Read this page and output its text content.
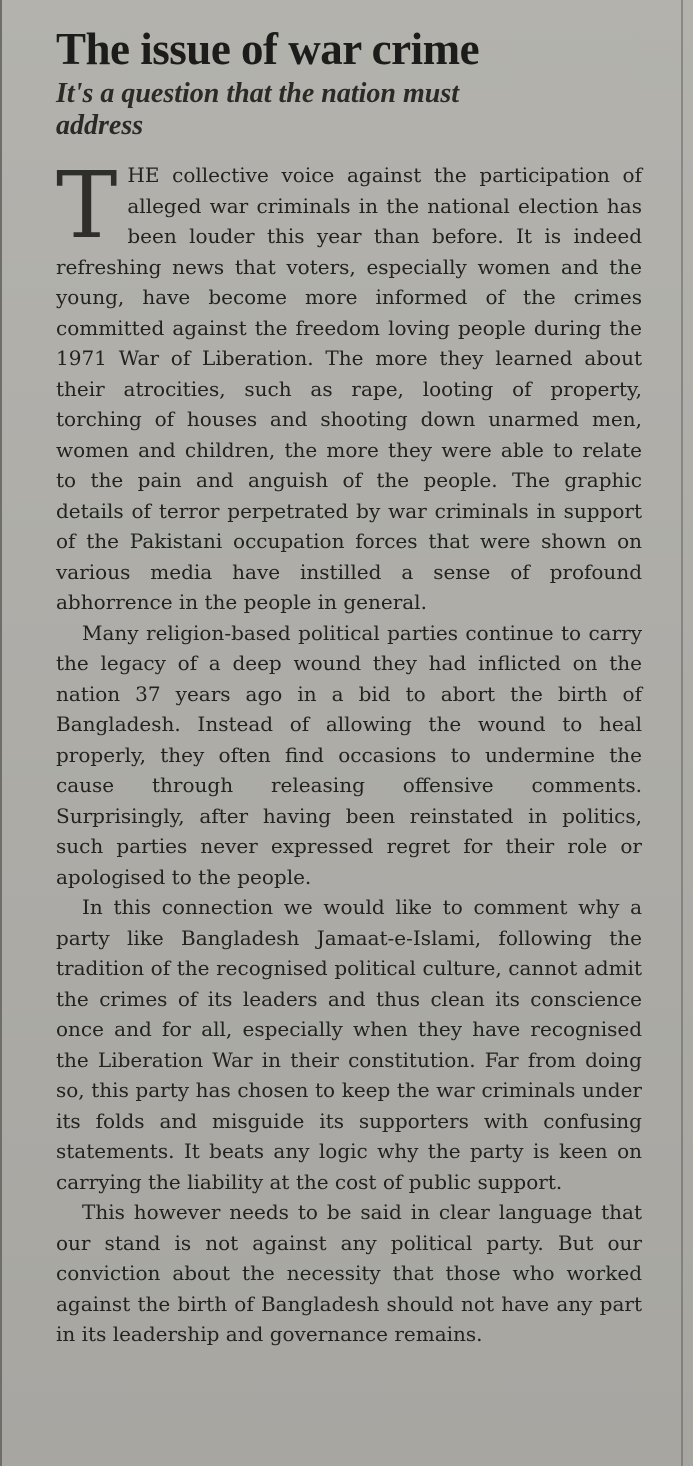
The issue of war crime
It's a question that the nation must address

T HE collective voice against the participation of alleged war criminals in the national election has been louder this year than before. It is indeed refreshing news that voters, especially women and the young, have become more informed of the crimes committed against the freedom loving people during the 1971 War of Liberation. The more they learned about their atrocities, such as rape, looting of property, torching of houses and shooting down unarmed men, women and children, the more they were able to relate to the pain and anguish of the people. The graphic details of terror perpetrated by war criminals in support of the Pakistani occupation forces that were shown on various media have instilled a sense of profound abhorrence in the people in general.

Many religion-based political parties continue to carry the legacy of a deep wound they had inflicted on the nation 37 years ago in a bid to abort the birth of Bangladesh. Instead of allowing the wound to heal properly, they often find occasions to undermine the cause through releasing offensive comments. Surprisingly, after having been reinstated in politics, such parties never expressed regret for their role or apologised to the people.

In this connection we would like to comment why a party like Bangladesh Jamaat-e-Islami, following the tradition of the recognised political culture, cannot admit the crimes of its leaders and thus clean its conscience once and for all, especially when they have recognised the Liberation War in their constitution. Far from doing so, this party has chosen to keep the war criminals under its folds and misguide its supporters with confusing statements. It beats any logic why the party is keen on carrying the liability at the cost of public support.

This however needs to be said in clear language that our stand is not against any political party. But our conviction about the necessity that those who worked against the birth of Bangladesh should not have any part in its leadership and governance remains.
